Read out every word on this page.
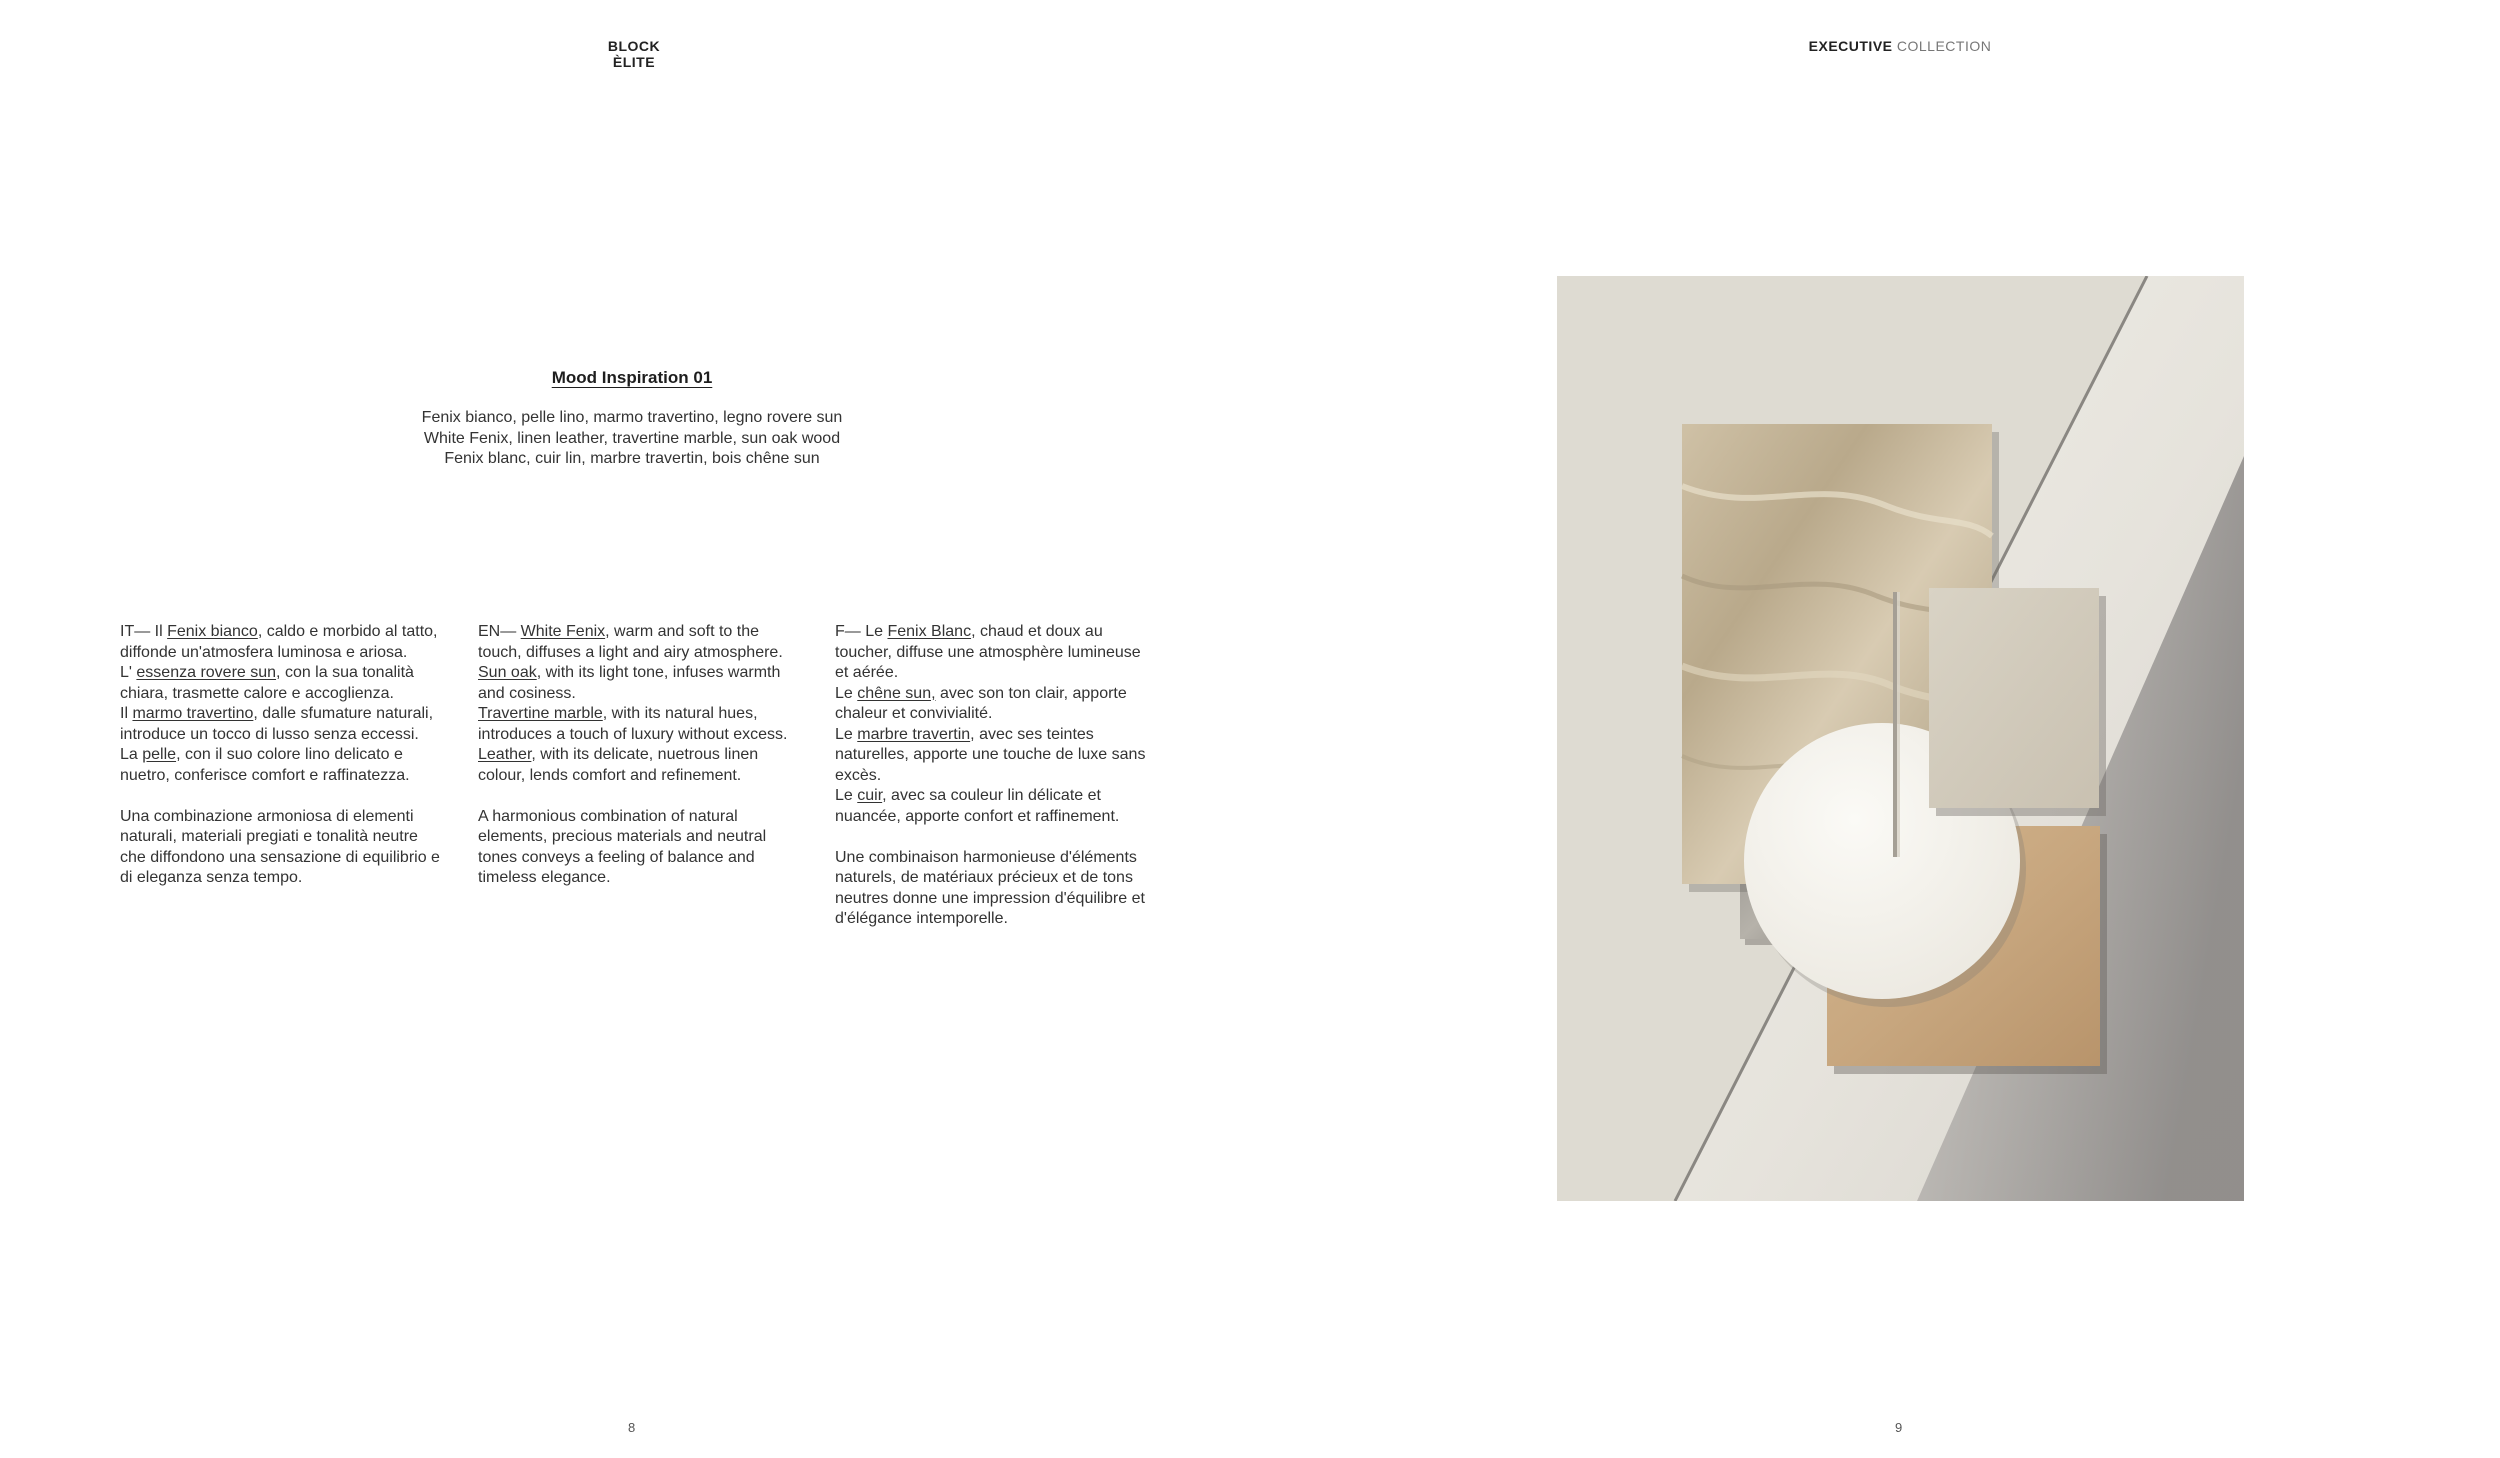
BLOCK ÈLITE
EXECUTIVE COLLECTION
Mood Inspiration 01
Fenix bianco, pelle lino, marmo travertino, legno rovere sun
White Fenix, linen leather, travertine marble, sun oak wood
Fenix blanc, cuir lin, marbre travertin, bois chêne sun

IT— Il Fenix bianco, caldo e morbido al tatto, diffonde un'atmosfera luminosa e ariosa.
L' essenza rovere sun, con la sua tonalità chiara, trasmette calore e accoglienza.
Il marmo travertino, dalle sfumature naturali, introduce un tocco di lusso senza eccessi.
La pelle, con il suo colore lino delicato e nuetro, conferisce comfort e raffinatezza.

Una combinazione armoniosa di elementi naturali, materiali pregiati e tonalità neutre che diffondono una sensazione di equilibrio e di eleganza senza tempo.

EN— White Fenix, warm and soft to the touch, diffuses a light and airy atmosphere.
Sun oak, with its light tone, infuses warmth and cosiness.
Travertine marble, with its natural hues, introduces a touch of luxury without excess.
Leather, with its delicate, nuetrous linen colour, lends comfort and refinement.

A harmonious combination of natural elements, precious materials and neutral tones conveys a feeling of balance and timeless elegance.

F— Le Fenix Blanc, chaud et doux au toucher, diffuse une atmosphère lumineuse et aérée.
Le chêne sun, avec son ton clair, apporte chaleur et convivialité.
Le marbre travertin, avec ses teintes naturelles, apporte une touche de luxe sans excès.
Le cuir, avec sa couleur lin délicate et nuancée, apporte confort et raffinement.

Une combinaison harmonieuse d'éléments naturels, de matériaux précieux et de tons neutres donne une impression d'équilibre et d'élégance intemporelle.

8	9
